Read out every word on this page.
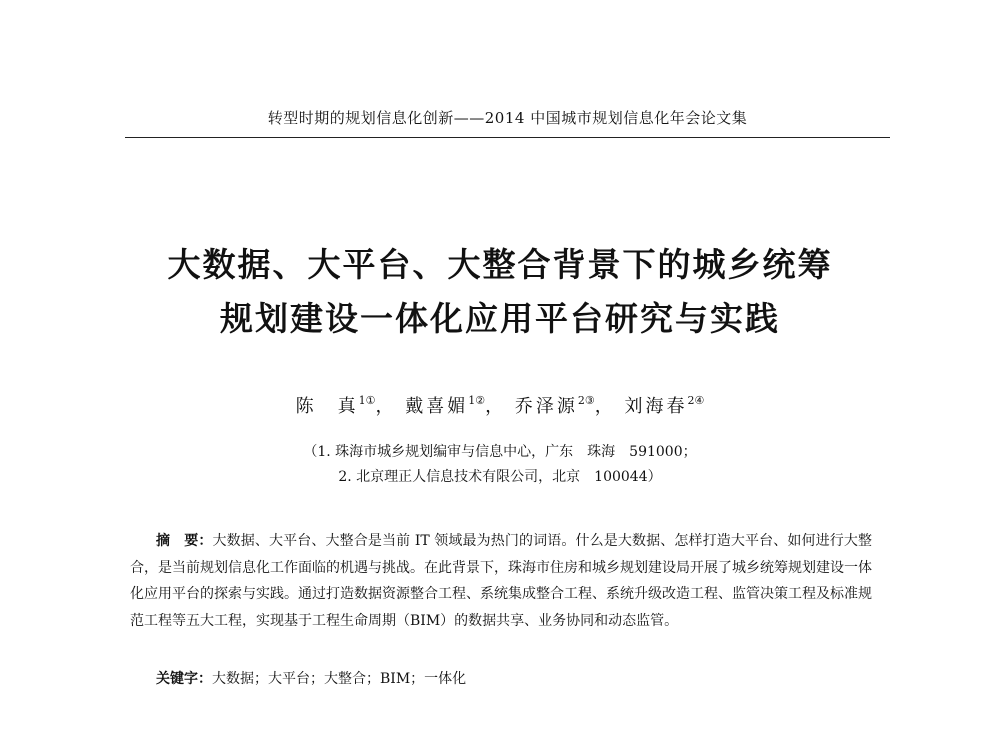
转型时期的规划信息化创新——2014 中国城市规划信息化年会论文集
大数据、大平台、大整合背景下的城乡统筹
规划建设一体化应用平台研究与实践
陈　真$^{1①}$， 戴喜媚$^{1②}$， 乔泽源$^{2③}$， 刘海春$^{2④}$
（1. 珠海市城乡规划编审与信息中心，广东　珠海　591000；
2. 北京理正人信息技术有限公司，北京　100044）
摘　要：大数据、大平台、大整合是当前 IT 领域最为热门的词语。什么是大数据、怎样打造大平台、如何进行大整合，是当前规划信息化工作面临的机遇与挑战。在此背景下，珠海市住房和城乡规划建设局开展了城乡统筹规划建设一体化应用平台的探索与实践。通过打造数据资源整合工程、系统集成整合工程、系统升级改造工程、监管决策工程及标准规范工程等五大工程，实现基于工程生命周期（BIM）的数据共享、业务协同和动态监管。
关键字：大数据；大平台；大整合；BIM；一体化
